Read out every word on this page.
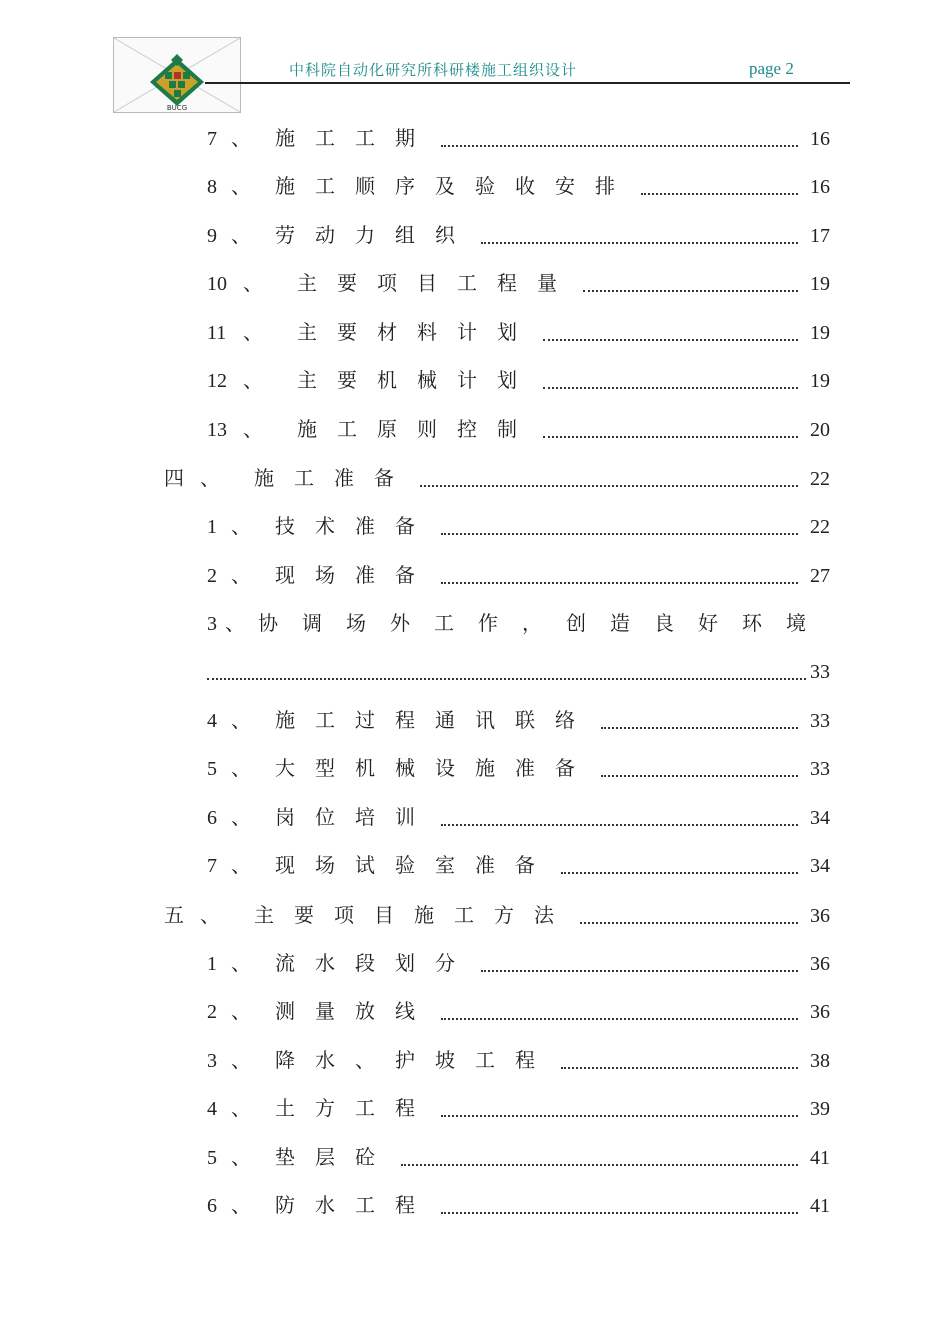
BUCG
中科院自动化研究所科研楼施工组织设计	page 2
7 、	施工工期	16
8 、	施工顺序及验收安排	16
9 、	劳动力组织	17
10 、	主要项目工程量	19
11 、	主要材料计划	19
12 、	主要机械计划	19
13 、	施工原则控制	20
四 、	施工准备	22
1 、	技术准备	22
2 、	现场准备	27
3 、 协调场外工作，创造良好环境
33
4 、	施工过程通讯联络	33
5 、	大型机械设施准备	33
6 、	岗位培训	34
7 、	现场试验室准备	34
五 、	主要项目施工方法	36
1 、	流水段划分	36
2 、	测量放线	36
3 、	降水、护坡工程	38
4 、	土方工程	39
5 、	垫层砼	41
6 、	防水工程	41
